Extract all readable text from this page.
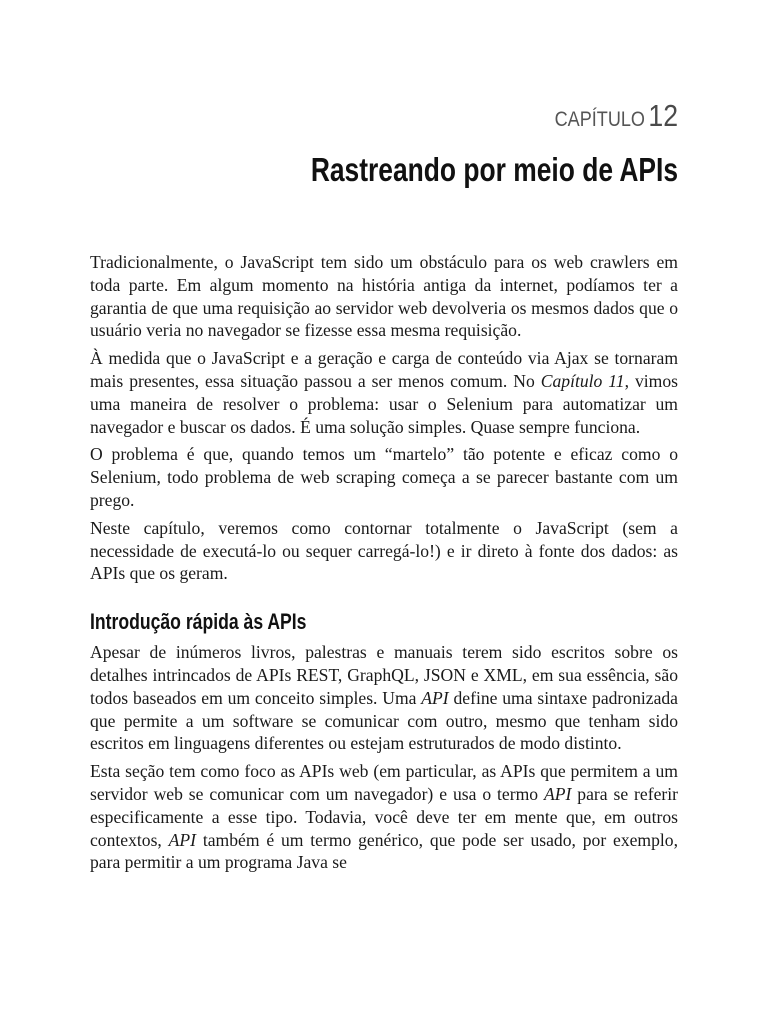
CAPÍTULO 12
Rastreando por meio de APIs

Tradicionalmente, o JavaScript tem sido um obstáculo para os web crawlers em toda parte. Em algum momento na história antiga da internet, podíamos ter a garantia de que uma requisição ao servidor web devolveria os mesmos dados que o usuário veria no navegador se fizesse essa mesma requisição.

À medida que o JavaScript e a geração e carga de conteúdo via Ajax se tornaram mais presentes, essa situação passou a ser menos comum. No Capítulo 11, vimos uma maneira de resolver o problema: usar o Selenium para automatizar um navegador e buscar os dados. É uma solução simples. Quase sempre funciona.

O problema é que, quando temos um “martelo” tão potente e eficaz como o Selenium, todo problema de web scraping começa a se parecer bastante com um prego.

Neste capítulo, veremos como contornar totalmente o JavaScript (sem a necessidade de executá-lo ou sequer carregá-lo!) e ir direto à fonte dos dados: as APIs que os geram.

Introdução rápida às APIs

Apesar de inúmeros livros, palestras e manuais terem sido escritos sobre os detalhes intrincados de APIs REST, GraphQL, JSON e XML, em sua essência, são todos baseados em um conceito simples. Uma API define uma sintaxe padronizada que permite a um software se comunicar com outro, mesmo que tenham sido escritos em linguagens diferentes ou estejam estruturados de modo distinto.

Esta seção tem como foco as APIs web (em particular, as APIs que permitem a um servidor web se comunicar com um navegador) e usa o termo API para se referir especificamente a esse tipo. Todavia, você deve ter em mente que, em outros contextos, API também é um termo genérico, que pode ser usado, por exemplo, para permitir a um programa Java se
